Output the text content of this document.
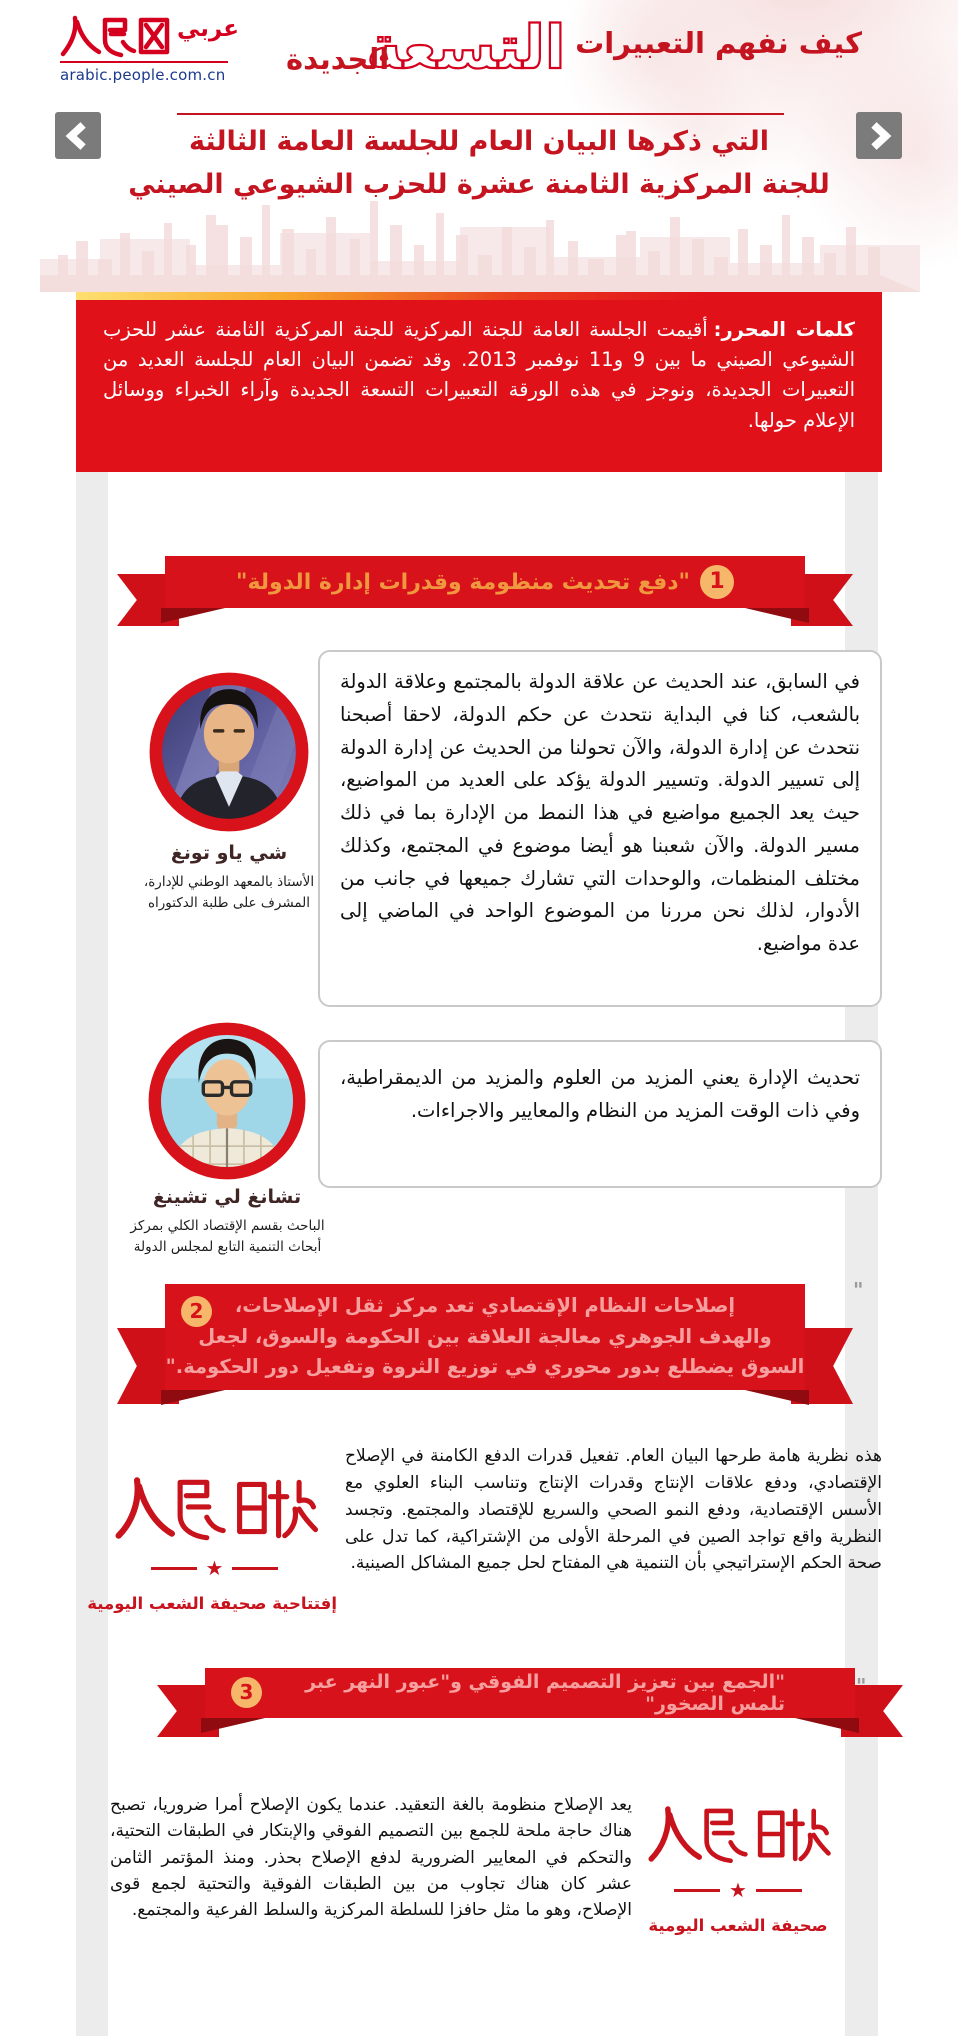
عربي
arabic.people.com.cn
كيف نفهم التعبيرات
التسعة
الجديدة
التي ذكرها البيان العام للجلسة العامة الثالثة
للجنة المركزية الثامنة عشرة للحزب الشيوعي الصيني
كلمات المحرر:أقيمت الجلسة العامة للجنة المركزية للجنة المركزية الثامنة عشر للحزب الشيوعي الصيني ما بين 9 و11 نوفمبر 2013. وقد تضمن البيان العام للجلسة العديد من التعبيرات الجديدة، ونوجز في هذه الورقة التعبيرات التسعة الجديدة وآراء الخبراء ووسائل الإعلام حولها.
1
"دفع تحديث منظومة وقدرات إدارة الدولة"
شي ياو تونغ
الأستاذ بالمعهد الوطني للإدارة،
المشرف على طلبة الدكتوراه
في السابق، عند الحديث عن علاقة الدولة بالمجتمع وعلاقة الدولة بالشعب، كنا في البداية نتحدث عن حكم الدولة، لاحقا أصبحنا نتحدث عن إدارة الدولة، والآن تحولنا من الحديث عن إدارة الدولة إلى تسيير الدولة. وتسيير الدولة يؤكد على العديد من المواضيع، حيث يعد الجميع مواضيع في هذا النمط من الإدارة بما في ذلك مسير الدولة. والآن شعبنا هو أيضا موضوع في المجتمع، وكذلك مختلف المنظمات، والوحدات التي تشارك جميعها في جانب من الأدوار، لذلك نحن مررنا من الموضوع الواحد في الماضي إلى عدة مواضيع.
تشانغ لي تشينغ
الباحث بقسم الإقتصاد الكلي بمركز
أبحاث التنمية التابع لمجلس الدولة
تحديث الإدارة يعني المزيد من العلوم والمزيد من الديمقراطية، وفي ذات الوقت المزيد من النظام والمعايير والاجراءات.
"
2	إصلاحات النظام الإقتصادي تعد مركز ثقل الإصلاحات،
والهدف الجوهري معالجة العلاقة بين الحكومة والسوق، لجعل
السوق يضطلع بدور محوري في توزيع الثروة وتفعيل دور الحكومة."
★
إفتتاحية صحيفة الشعب اليومية
هذه نظرية هامة طرحها البيان العام. تفعيل قدرات الدفع الكامنة في الإصلاح الإقتصادي، ودفع علاقات الإنتاج وقدرات الإنتاج وتناسب البناء العلوي مع الأسس الإقتصادية، ودفع النمو الصحي والسريع للإقتصاد والمجتمع. وتجسد النظرية واقع تواجد الصين في المرحلة الأولى من الإشتراكية، كما تدل على صحة الحكم الإستراتيجي بأن التنمية هي المفتاح لحل جميع المشاكل الصينية.
3	"الجمع بين تعزيز التصميم الفوقي و"عبور النهر عبر تلمس الصخور"
يعد الإصلاح منظومة بالغة التعقيد. عندما يكون الإصلاح أمرا ضروريا، تصبح هناك حاجة ملحة للجمع بين التصميم الفوقي والإبتكار في الطبقات التحتية، والتحكم في المعايير الضرورية لدفع الإصلاح بحذر. ومنذ المؤتمر الثامن عشر كان هناك تجاوب من بين الطبقات الفوقية والتحتية لجمع قوى الإصلاح، وهو ما مثل حافزا للسلطة المركزية والسلط الفرعية والمجتمع.
★
صحيفة الشعب اليومية
